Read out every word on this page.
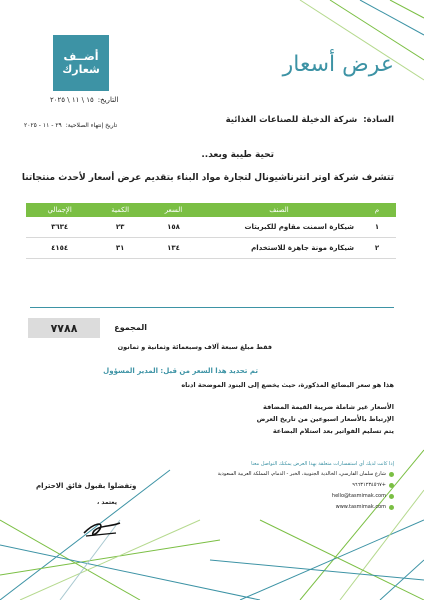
أضــف
شعارك	عرض أسعار
التاريخ:١٥ \ ١١ \ ٢٠٢٥
السادة:شركة الدخيلة للصناعات الغذائية
تاريخ إنتهاء الصلاحية:٢٩ - ١١ - ٢٠٢٥
تحية طيبة وبعد..
تتشرف شركة اوتر انترناشيونال لتجارة مواد البناء بتقديم عرض أسعار لأحدث منتجاتنا
م	الصنف	السعر	الكمية	الإجمالي
١	شيكارة اسمنت مقاوم للكبريتات	١٥٨	٢٣	٣٦٣٤
٢	شيكارة مونة جاهزة للاستخدام	١٣٤	٣١	٤١٥٤
المجموع
٧٧٨٨
فقط مبلغ سبعة آلاف وسبعمائة وثمانية و ثمانون
تم تحديد هذا السعر من قبل: المدير المسؤول
هذا هو سعر البضائع المذكورة، حيث يخضع إلى البنود الموضحة ادناه
الأسعار غير شاملة ضريبة القيمة المضافة
الإرتباط بالأسعار اسبوعين من تاريخ العرض
يتم تسليم الفواتير بعد استلام البضاعة
إذا كانت لديك أي استفسارات متعلقة بهذا العرض يمكنك التواصل معنا
شارع سلمان الفارسي، الخالدية الجنوبية، الخبر - الدمام، المملكة العربية السعودية
+٩٦٦٣١٢٣٤٥٦٧
hello@tasmimak.com
www.tasmimak.com
وتفضلوا بقبول فائق الاحترام
يعتمد ،
